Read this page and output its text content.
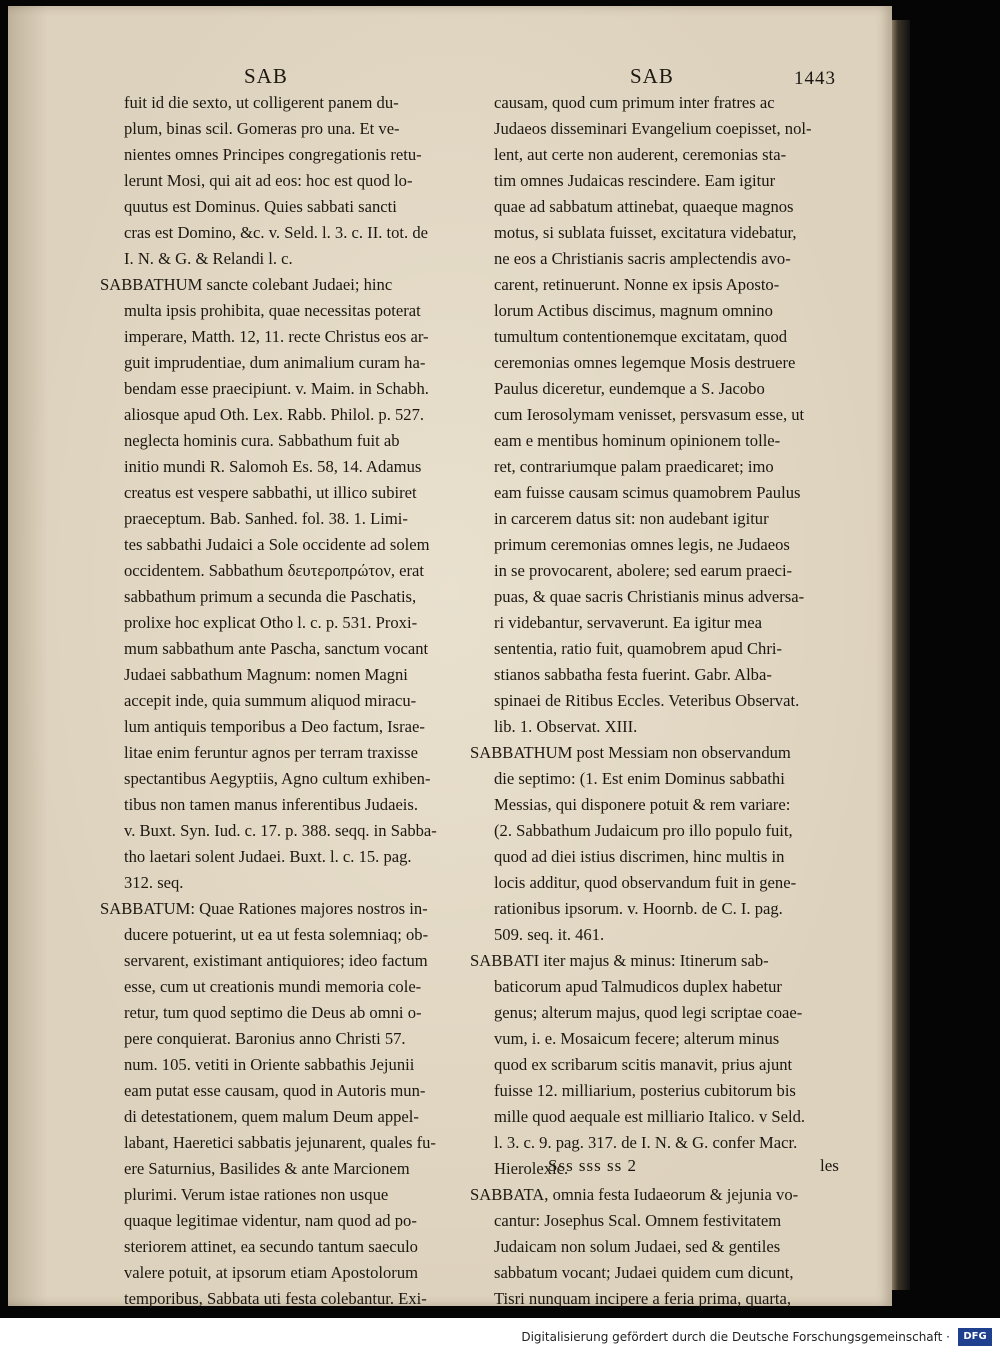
SAB	SAB	1443

fuit id die sexto, ut colligerent panem du-
plum, binas scil. Gomeras pro una. Et ve-
nientes omnes Principes congregationis retu-
lerunt Mosi, qui ait ad eos: hoc est quod lo-
quutus est Dominus. Quies sabbati sancti
cras est Domino, &c. v. Seld. l. 3. c. II. tot. de
I. N. & G. & Relandi l. c.

SABBATHUM sancte colebant Judaei; hinc
multa ipsis prohibita, quae necessitas poterat
imperare, Matth. 12, 11. recte Christus eos ar-
guit imprudentiae, dum animalium curam ha-
bendam esse praecipiunt. v. Maim. in Schabh.
aliosque apud Oth. Lex. Rabb. Philol. p. 527.
neglecta hominis cura. Sabbathum fuit ab
initio mundi R. Salomoh Es. 58, 14. Adamus
creatus est vespere sabbathi, ut illico subiret
praeceptum. Bab. Sanhed. fol. 38. 1. Limi-
tes sabbathi Judaici a Sole occidente ad solem
occidentem. Sabbathum δευτεροπρώτον, erat
sabbathum primum a secunda die Paschatis,
prolixe hoc explicat Otho l. c. p. 531. Proxi-
mum sabbathum ante Pascha, sanctum vocant
Judaei sabbathum Magnum: nomen Magni
accepit inde, quia summum aliquod miracu-
lum antiquis temporibus a Deo factum, Israe-
litae enim feruntur agnos per terram traxisse
spectantibus Aegyptiis, Agno cultum exhiben-
tibus non tamen manus inferentibus Judaeis.
v. Buxt. Syn. Iud. c. 17. p. 388. seqq. in Sabba-
tho laetari solent Judaei. Buxt. l. c. 15. pag.
312. seq.

SABBATUM: Quae Rationes majores nostros in-
ducere potuerint, ut ea ut festa solemniaq; ob-
servarent, existimant antiquiores; ideo factum
esse, cum ut creationis mundi memoria cole-
retur, tum quod septimo die Deus ab omni o-
pere conquierat. Baronius anno Christi 57.
num. 105. vetiti in Oriente sabbathis Jejunii
eam putat esse causam, quod in Autoris mun-
di detestationem, quem malum Deum appel-
labant, Haeretici sabbatis jejunarent, quales fu-
ere Saturnius, Basilides & ante Marcionem
plurimi. Verum istae rationes non usque
quaque legitimae videntur, nam quod ad po-
steriorem attinet, ea secundo tantum saeculo
valere potuit, at ipsorum etiam Apostolorum
temporibus, Sabbata uti festa colebantur. Exi-

causam, quod cum primum inter fratres ac
Judaeos disseminari Evangelium coepisset, nol-
lent, aut certe non auderent, ceremonias sta-
tim omnes Judaicas rescindere. Eam igitur
quae ad sabbatum attinebat, quaeque magnos
motus, si sublata fuisset, excitatura videbatur,
ne eos a Christianis sacris amplectendis avo-
carent, retinuerunt. Nonne ex ipsis Aposto-
lorum Actibus discimus, magnum omnino
tumultum contentionemque excitatam, quod
ceremonias omnes legemque Mosis destruere
Paulus diceretur, eundemque a S. Jacobo
cum Ierosolymam venisset, persvasum esse, ut
eam e mentibus hominum opinionem tolle-
ret, contrariumque palam praedicaret; imo
eam fuisse causam scimus quamobrem Paulus
in carcerem datus sit: non audebant igitur
primum ceremonias omnes legis, ne Judaeos
in se provocarent, abolere; sed earum praeci-
puas, & quae sacris Christianis minus adversa-
ri videbantur, servaverunt. Ea igitur mea
sententia, ratio fuit, quamobrem apud Chri-
stianos sabbatha festa fuerint. Gabr. Alba-
spinaei de Ritibus Eccles. Veteribus Observat.
lib. 1. Observat. XIII.

SABBATHUM post Messiam non observandum
die septimo: (1. Est enim Dominus sabbathi
Messias, qui disponere potuit & rem variare:
(2. Sabbathum Judaicum pro illo populo fuit,
quod ad diei istius discrimen, hinc multis in
locis additur, quod observandum fuit in gene-
rationibus ipsorum. v. Hoornb. de C. I. pag.
509. seq. it. 461.

SABBATI iter majus & minus: Itinerum sab-
baticorum apud Talmudicos duplex habetur
genus; alterum majus, quod legi scriptae coae-
vum, i. e. Mosaicum fecere; alterum minus
quod ex scribarum scitis manavit, prius ajunt
fuisse 12. milliarium, posterius cubitorum bis
mille quod aequale est milliario Italico. v Seld.
l. 3. c. 9. pag. 317. de I. N. & G. confer Macr.
Hierolexic.

SABBATA, omnia festa Iudaeorum & jejunia vo-
cantur: Josephus Scal. Omnem festivitatem
Judaicam non solum Judaei, sed & gentiles
sabbatum vocant; Judaei quidem cum dicunt,
Tisri nunquam incipere a feria prima, quarta,

Sss sss ss 2	les

Digitalisierung gefördert durch die Deutsche Forschungsgemeinschaft ·	DFG
